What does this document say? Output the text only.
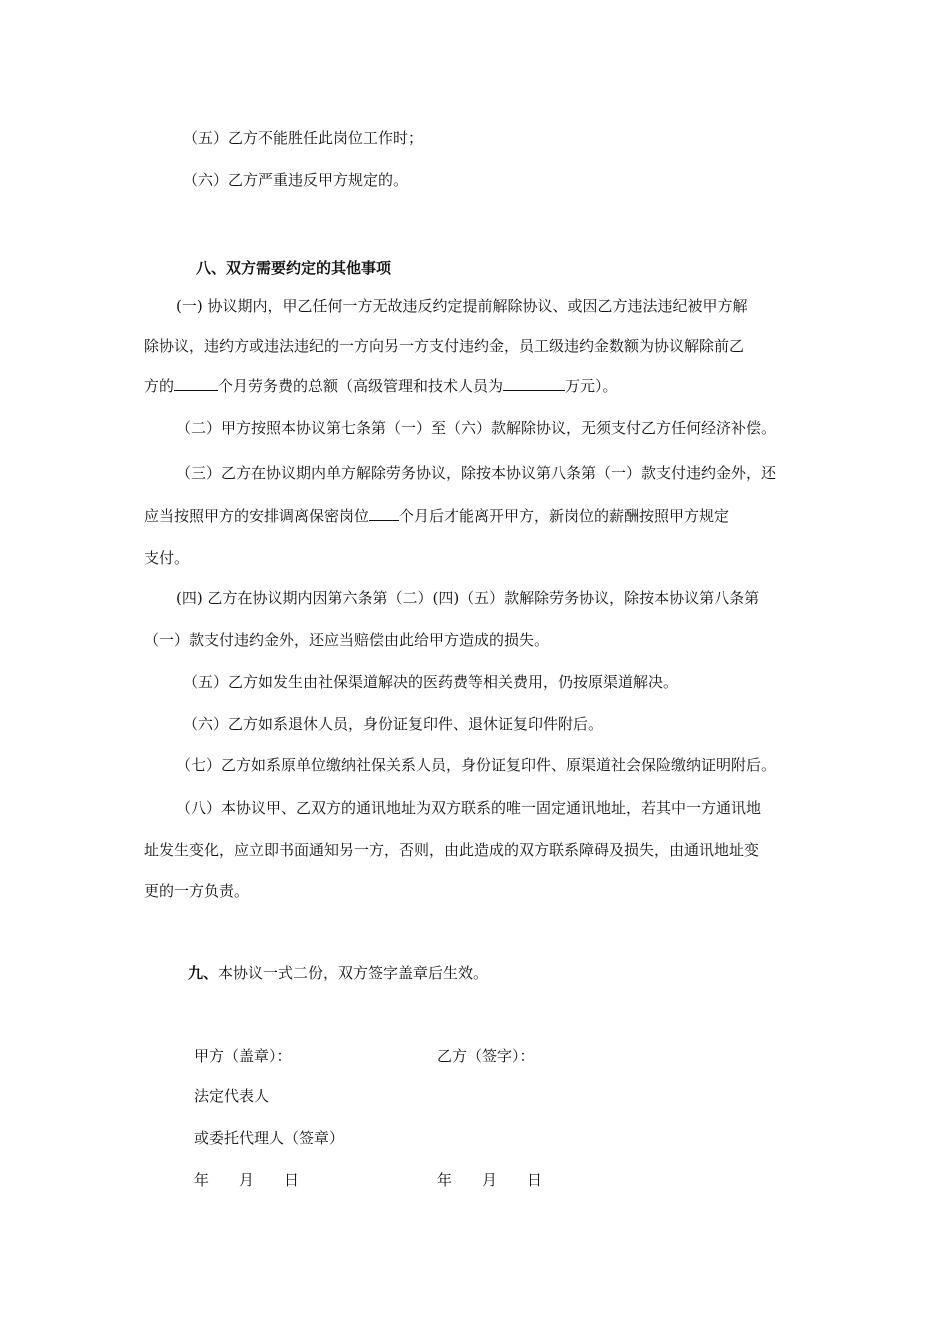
（五）乙方不能胜任此岗位工作时；
（六）乙方严重违反甲方规定的。
八、双方需要约定的其他事项
(一) 协议期内，甲乙任何一方无故违反约定提前解除协议、或因乙方违法违纪被甲方解
除协议，违约方或违法违纪的一方向另一方支付违约金，员工级违约金数额为协议解除前乙
方的	个月劳务费的总额（高级管理和技术人员为	万元）。
（二）甲方按照本协议第七条第（一）至（六）款解除协议，无须支付乙方任何经济补偿。
（三）乙方在协议期内单方解除劳务协议，除按本协议第八条第（一）款支付违约金外，还
应当按照甲方的安排调离保密岗位 个月后才能离开甲方，新岗位的薪酬按照甲方规定
支付。
(四) 乙方在协议期内因第六条第（二）(四)（五）款解除劳务协议，除按本协议第八条第
（一）款支付违约金外，还应当赔偿由此给甲方造成的损失。
（五）乙方如发生由社保渠道解决的医药费等相关费用，仍按原渠道解决。
（六）乙方如系退休人员，身份证复印件、退休证复印件附后。
（七）乙方如系原单位缴纳社保关系人员，身份证复印件、原渠道社会保险缴纳证明附后。
（八）本协议甲、乙双方的通讯地址为双方联系的唯一固定通讯地址，若其中一方通讯地
址发生变化，应立即书面通知另一方，否则，由此造成的双方联系障碍及损失，由通讯地址变
更的一方负责。
九、本协议一式二份，双方签字盖章后生效。
甲方（盖章）：	乙方（签字）：
法定代表人
或委托代理人（签章）
年　　月　　日	年　　月　　日
